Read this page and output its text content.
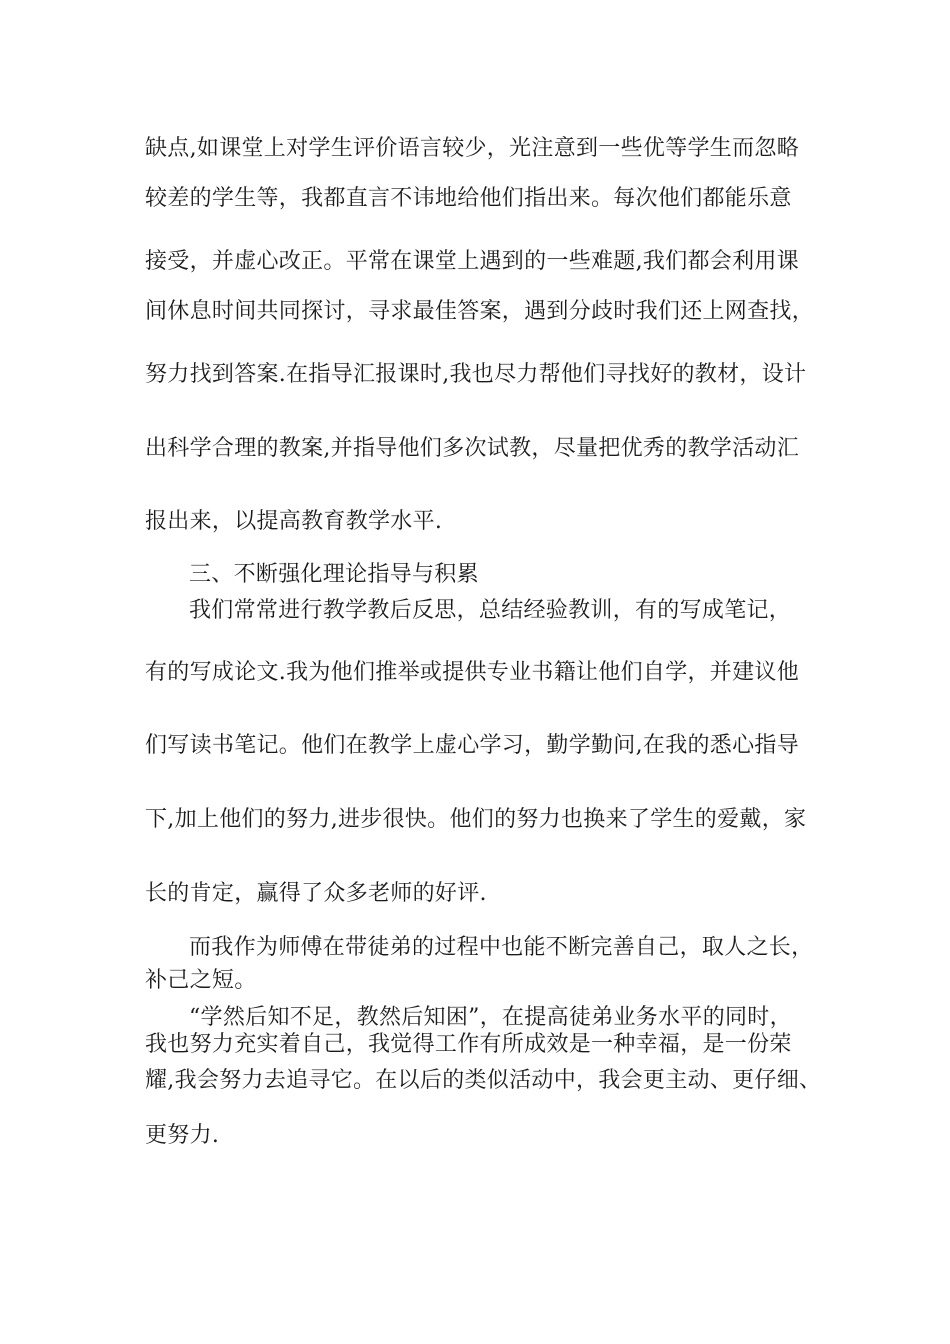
缺点,如课堂上对学生评价语言较少，光注意到一些优等学生而忽略
较差的学生等，我都直言不讳地给他们指出来。每次他们都能乐意
接受，并虚心改正。平常在课堂上遇到的一些难题,我们都会利用课
间休息时间共同探讨，寻求最佳答案，遇到分歧时我们还上网查找，
努力找到答案.在指导汇报课时,我也尽力帮他们寻找好的教材，设计
出科学合理的教案,并指导他们多次试教，尽量把优秀的教学活动汇
报出来，以提高教育教学水平.
三、不断强化理论指导与积累
我们常常进行教学教后反思，总结经验教训，有的写成笔记，
有的写成论文.我为他们推举或提供专业书籍让他们自学，并建议他
们写读书笔记。他们在教学上虚心学习，勤学勤问,在我的悉心指导
下,加上他们的努力,进步很快。他们的努力也换来了学生的爱戴，家
长的肯定，赢得了众多老师的好评.
而我作为师傅在带徒弟的过程中也能不断完善自己，取人之长，
补己之短。
“学然后知不足，教然后知困”，在提高徒弟业务水平的同时，
我也努力充实着自己，我觉得工作有所成效是一种幸福，是一份荣
耀,我会努力去追寻它。在以后的类似活动中，我会更主动、更仔细、
更努力.
